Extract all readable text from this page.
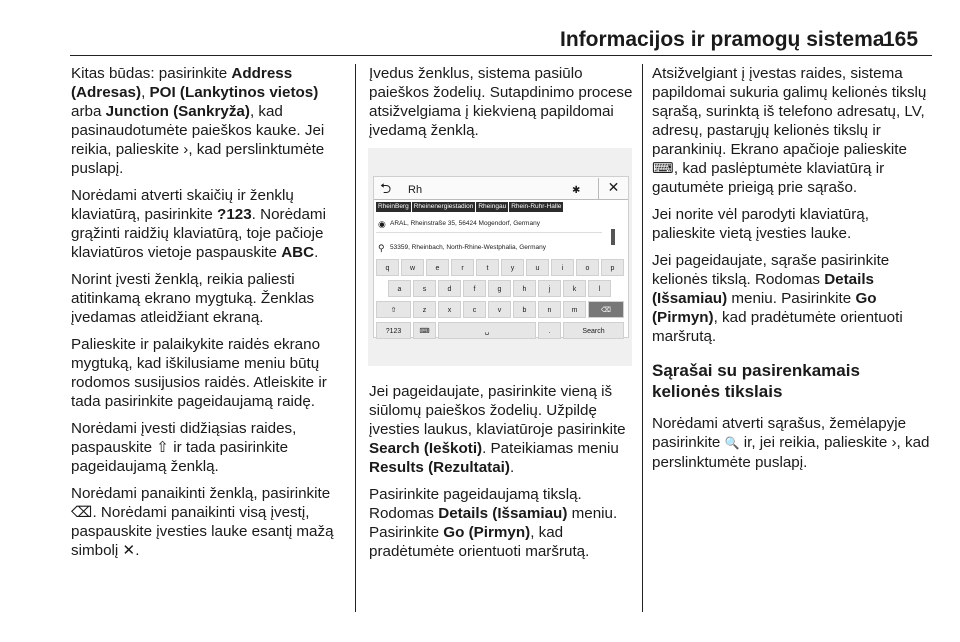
Informacijos ir pramogų sistema
165

Kitas būdas: pasirinkite Address (Adresas), POI (Lankytinos vietos) arba Junction (Sankryža), kad pasinaudotumėte paieškos kauke. Jei reikia, palieskite ›, kad perslinktumėte puslapį.

Norėdami atverti skaičių ir ženklų klaviatūrą, pasirinkite ?123. Norėdami grąžinti raidžių klaviatūrą, toje pačioje klaviatūros vietoje paspauskite ABC.

Norint įvesti ženklą, reikia paliesti atitinkamą ekrano mygtuką. Ženklas įvedamas atleidžiant ekraną.

Palieskite ir palaikykite raidės ekrano mygtuką, kad iškilusiame meniu būtų rodomos susijusios raidės. Atleiskite ir tada pasirinkite pageidaujamą raidę.

Norėdami įvesti didžiąsias raides, paspauskite ⇧ ir tada pasirinkite pageidaujamą ženklą.

Norėdami panaikinti ženklą, pasirinkite ⌫. Norėdami panaikinti visą įvestį, paspauskite įvesties lauke esantį mažą simbolį ✕.

Įvedus ženklus, sistema pasiūlo paieškos žodelių. Sutapdinimo procese atsižvelgiama į kiekvieną papildomai įvedamą ženklą.

⮌ Rh	✱	✕
RheinBerg Rheinenergiestadion Rheingau Rhein-Ruhr-Halle
◉ ARAL, Rheinstraße 35, 56424 Mogendorf, Germany
⚲ 53359, Rheinbach, North-Rhine-Westphalia, Germany
q	w	e	r	t	y	u	i	o	p
a	s	d	f	g	h	j	k	l
⇧	z	x	c	v	b	n	m	⌫
?123	⌨	␣	.	Search

Jei pageidaujate, pasirinkite vieną iš siūlomų paieškos žodelių. Užpildę įvesties laukus, klaviatūroje pasirinkite Search (Ieškoti). Pateikiamas meniu Results (Rezultatai).

Pasirinkite pageidaujamą tikslą. Rodomas Details (Išsamiau) meniu. Pasirinkite Go (Pirmyn), kad pradėtumėte orientuoti maršrutą.

Atsižvelgiant į įvestas raides, sistema papildomai sukuria galimų kelionės tikslų sąrašą, surinktą iš telefono adresatų, LV, adresų, pastarųjų kelionės tikslų ir parankinių. Ekrano apačioje palieskite ⌨, kad paslėptumėte klaviatūrą ir gautumėte prieigą prie sąrašo.

Jei norite vėl parodyti klaviatūrą, palieskite vietą įvesties lauke.

Jei pageidaujate, sąraše pasirinkite kelionės tikslą. Rodomas Details (Išsamiau) meniu. Pasirinkite Go (Pirmyn), kad pradėtumėte orientuoti maršrutą.

Sąrašai su pasirenkamais kelionės tikslais

Norėdami atverti sąrašus, žemėlapyje pasirinkite 🔍 ir, jei reikia, palieskite ›, kad perslinktumėte puslapį.
